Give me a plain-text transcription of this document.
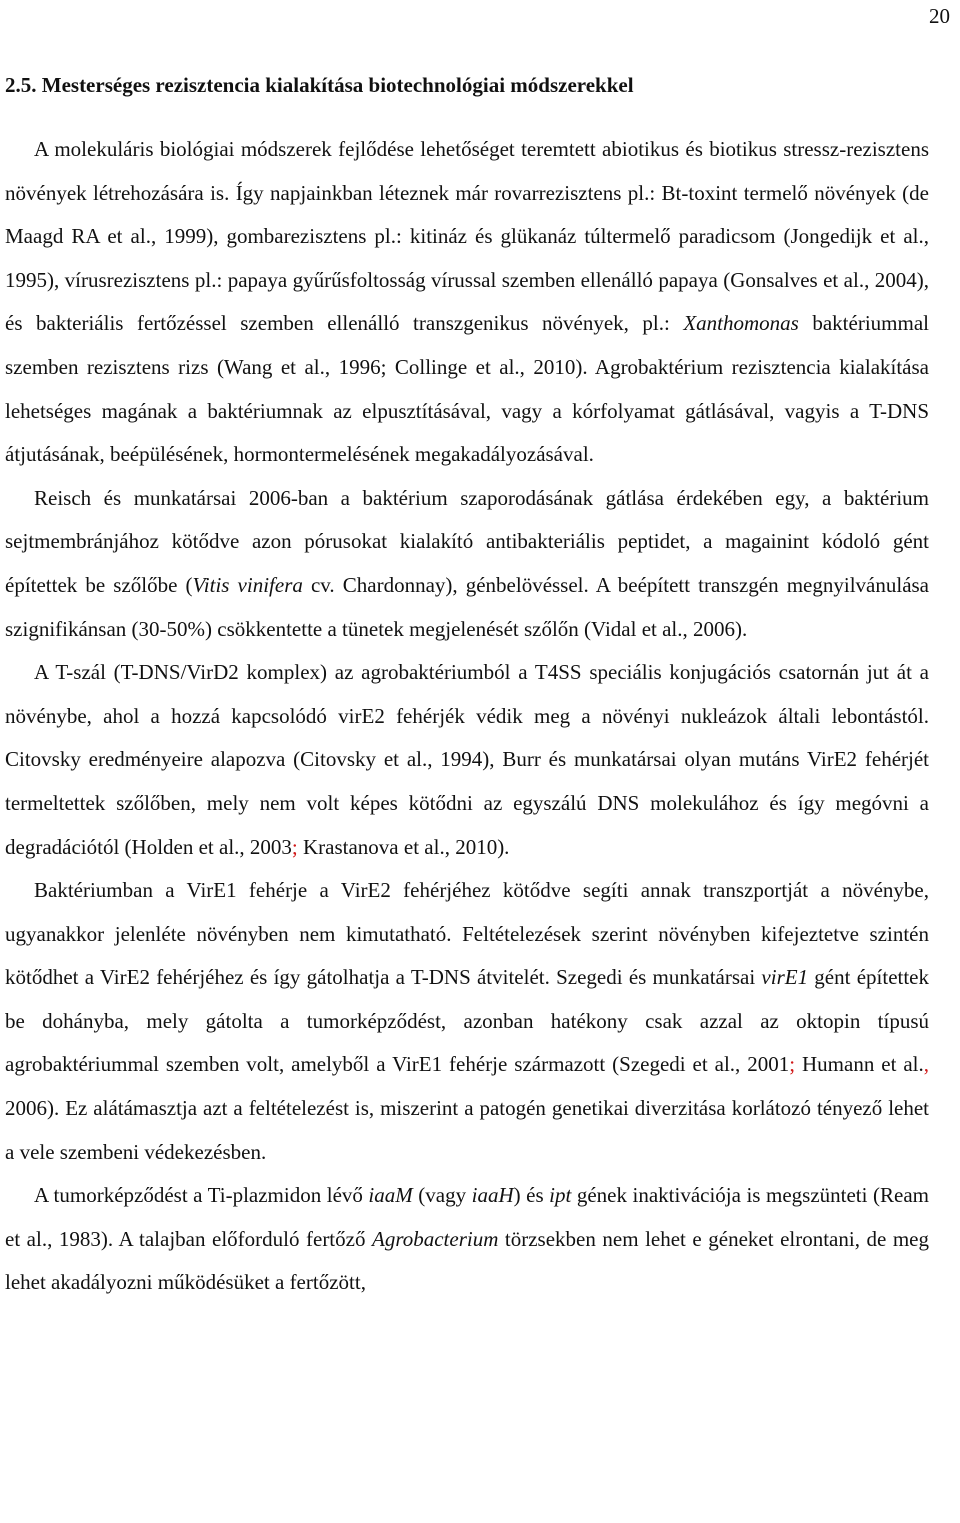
20
2.5. Mesterséges rezisztencia kialakítása biotechnológiai módszerekkel

A molekuláris biológiai módszerek fejlődése lehetőséget teremtett abiotikus és biotikus stressz-rezisztens növények létrehozására is. Így napjainkban léteznek már rovarrezisztens pl.: Bt-toxint termelő növények (de Maagd RA et al., 1999), gombarezisztens pl.: kitináz és glükanáz túltermelő paradicsom (Jongedijk et al., 1995), vírusrezisztens pl.: papaya gyűrűsfoltosság vírussal szemben ellenálló papaya (Gonsalves et al., 2004), és bakteriális fertőzéssel szemben ellenálló transzgenikus növények, pl.: Xanthomonas baktériummal szemben rezisztens rizs (Wang et al., 1996; Collinge et al., 2010). Agrobaktérium rezisztencia kialakítása lehetséges magának a baktériumnak az elpusztításával, vagy a kórfolyamat gátlásával, vagyis a T-DNS átjutásának, beépülésének, hormontermelésének megakadályozásával.

Reisch és munkatársai 2006-ban a baktérium szaporodásának gátlása érdekében egy, a baktérium sejtmembránjához kötődve azon pórusokat kialakító antibakteriális peptidet, a magainint kódoló gént építettek be szőlőbe (Vitis vinifera cv. Chardonnay), génbelövéssel. A beépített transzgén megnyilvánulása szignifikánsan (30-50%) csökkentette a tünetek megjelenését szőlőn (Vidal et al., 2006).

A T-szál (T-DNS/VirD2 komplex) az agrobaktériumból a T4SS speciális konjugációs csatornán jut át a növénybe, ahol a hozzá kapcsolódó virE2 fehérjék védik meg a növényi nukleázok általi lebontástól. Citovsky eredményeire alapozva (Citovsky et al., 1994), Burr és munkatársai olyan mutáns VirE2 fehérjét termeltettek szőlőben, mely nem volt képes kötődni az egyszálú DNS molekulához és így megóvni a degradációtól (Holden et al., 2003; Krastanova et al., 2010).

Baktériumban a VirE1 fehérje a VirE2 fehérjéhez kötődve segíti annak transzportját a növénybe, ugyanakkor jelenléte növényben nem kimutatható. Feltételezések szerint növényben kifejeztetve szintén kötődhet a VirE2 fehérjéhez és így gátolhatja a T-DNS átvitelét. Szegedi és munkatársai virE1 gént építettek be dohányba, mely gátolta a tumorképződést, azonban hatékony csak azzal az oktopin típusú agrobaktériummal szemben volt, amelyből a VirE1 fehérje származott (Szegedi et al., 2001; Humann et al., 2006). Ez alátámasztja azt a feltételezést is, miszerint a patogén genetikai diverzitása korlátozó tényező lehet a vele szembeni védekezésben.

A tumorképződést a Ti-plazmidon lévő iaaM (vagy iaaH) és ipt gének inaktivációja is megszünteti (Ream et al., 1983). A talajban előforduló fertőző Agrobacterium törzsekben nem lehet e géneket elrontani, de meg lehet akadályozni működésüket a fertőzött,
